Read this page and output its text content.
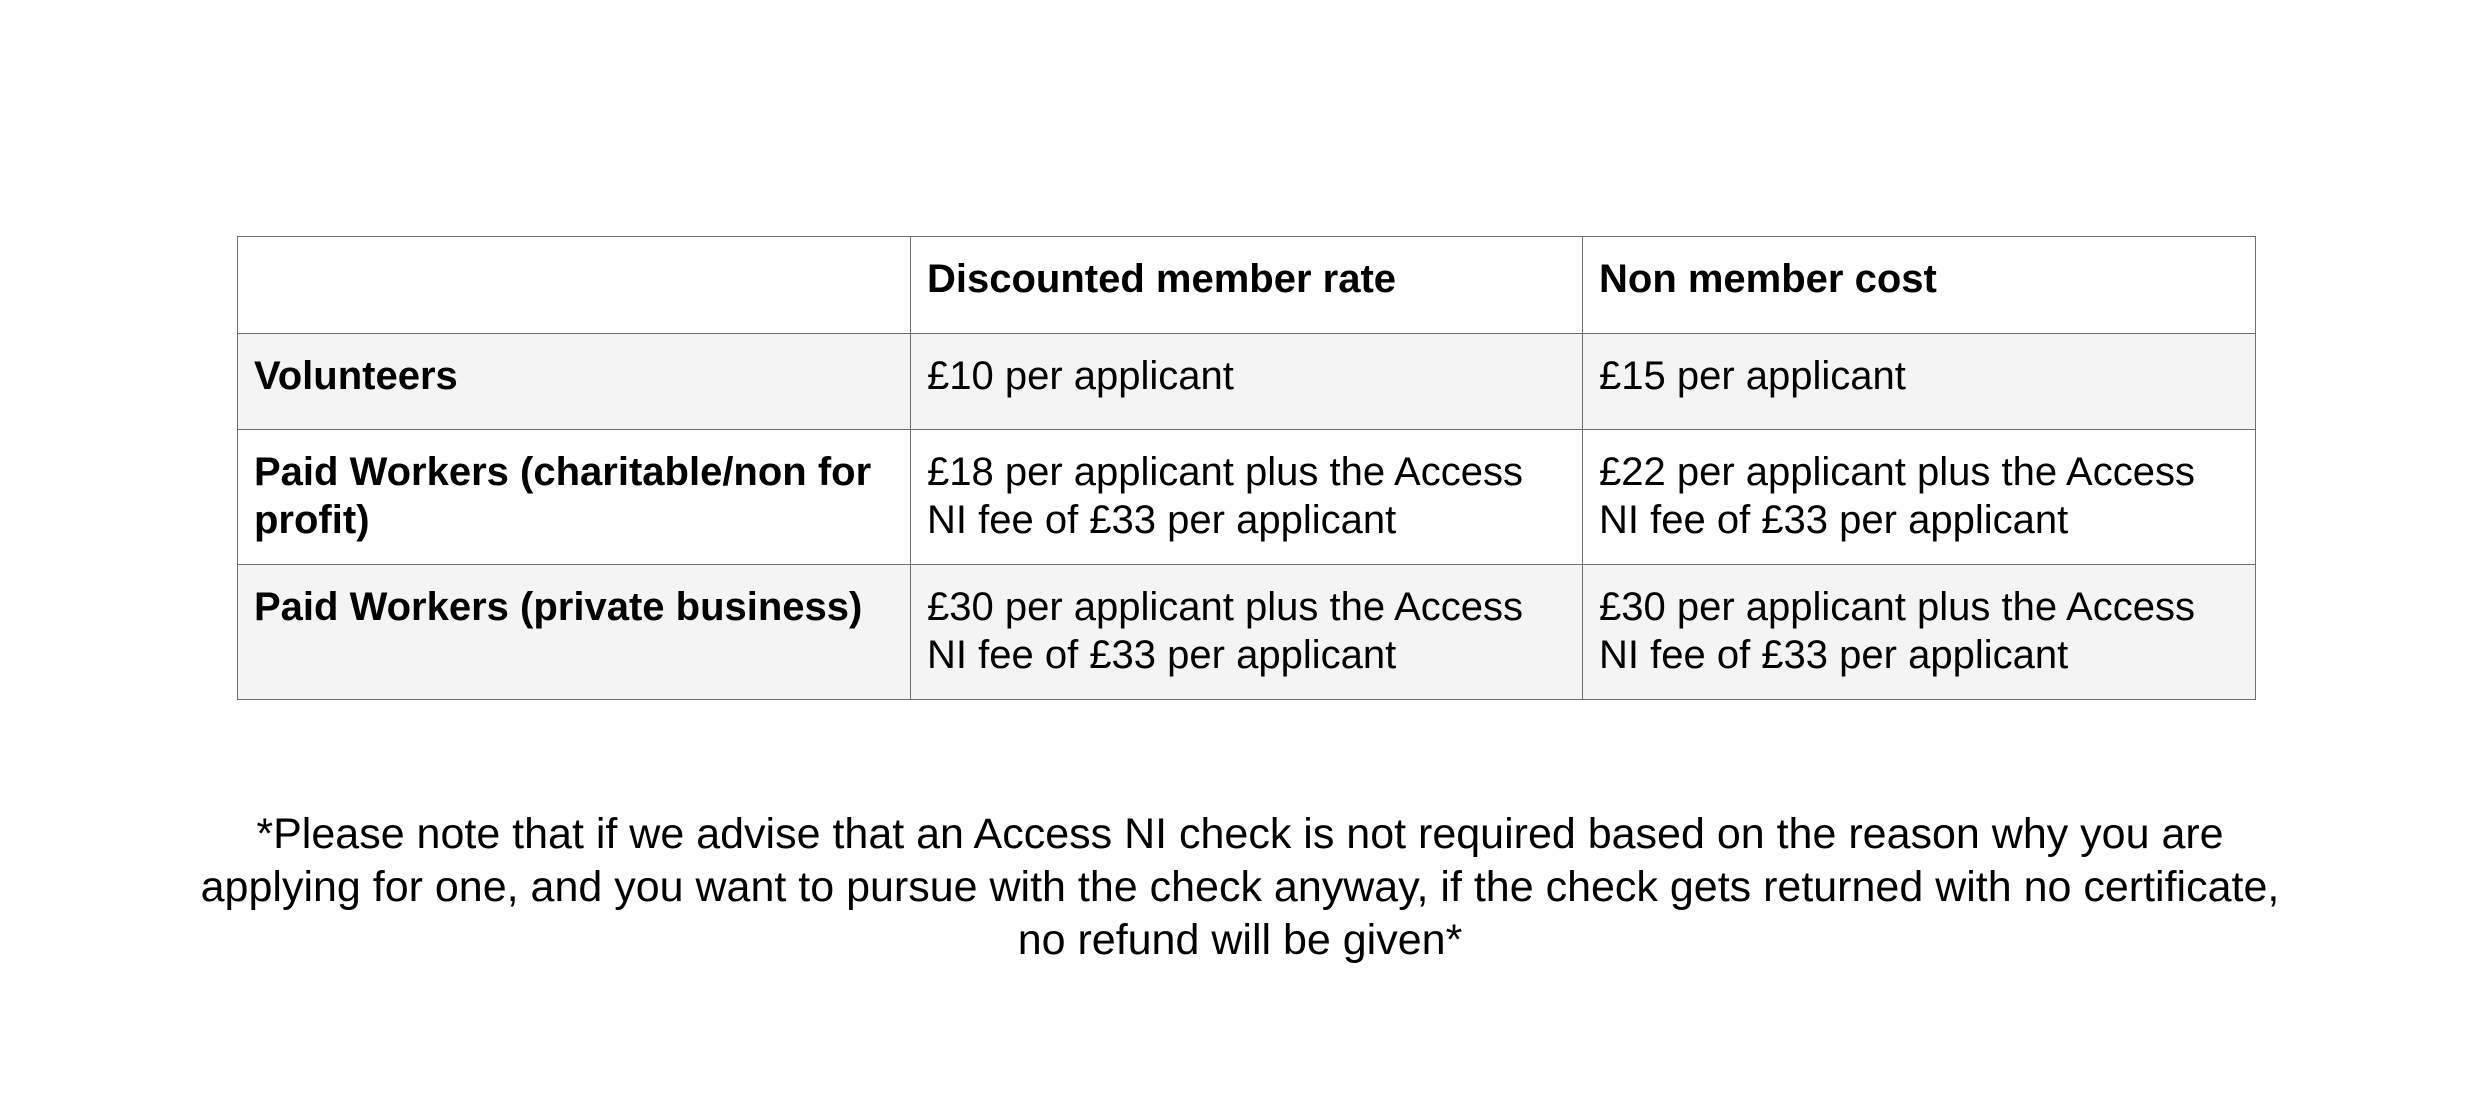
	Discounted member rate	Non member cost
Volunteers	£10 per applicant	£15 per applicant
Paid Workers (charitable/non for profit)	£18 per applicant plus the Access NI fee of £33 per applicant	£22 per applicant plus the Access NI fee of £33 per applicant
Paid Workers (private business)	£30 per applicant plus the Access NI fee of £33 per applicant	£30 per applicant plus the Access NI fee of £33 per applicant
*Please note that if we advise that an Access NI check is not required based on the reason why you are applying for one, and you want to pursue with the check anyway, if the check gets returned with no certificate, no refund will be given*
